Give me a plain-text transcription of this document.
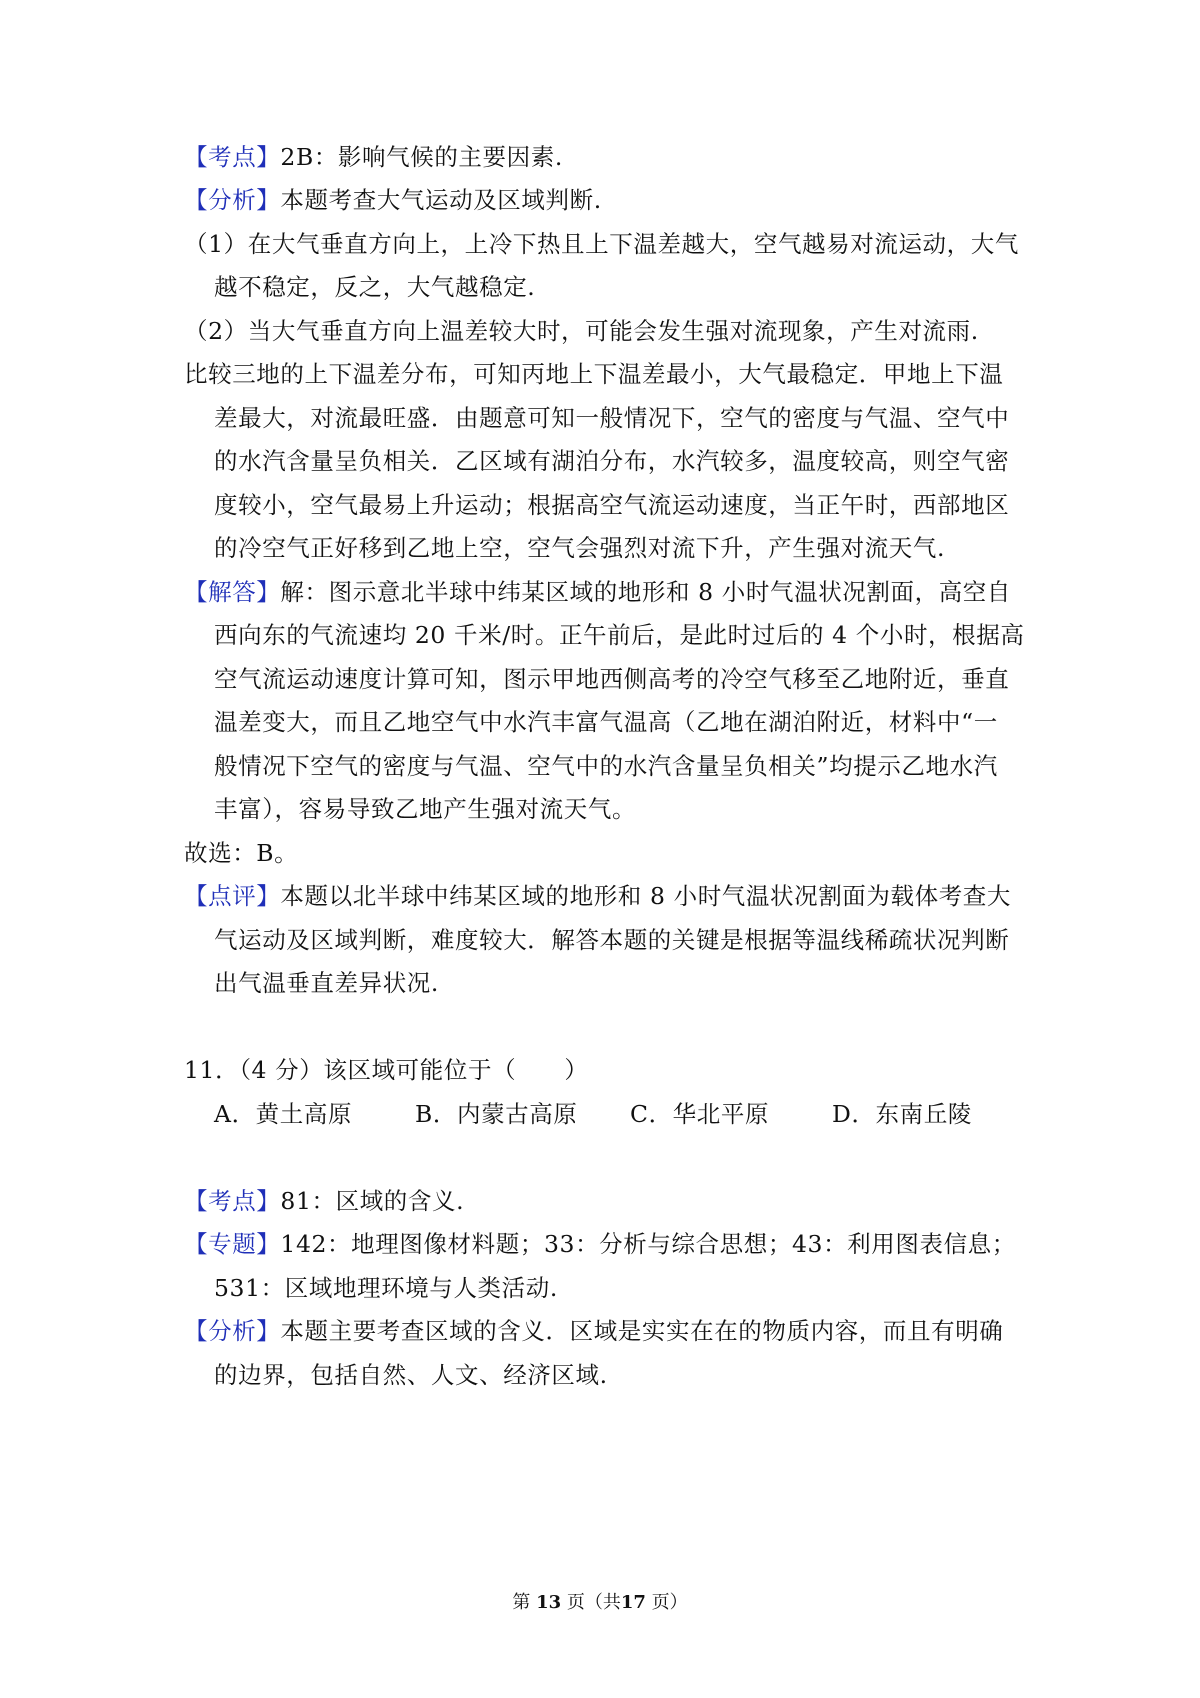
【考点】2B：影响气候的主要因素.
【分析】本题考查大气运动及区域判断.
（1）在大气垂直方向上，上冷下热且上下温差越大，空气越易对流运动，大气
越不稳定，反之，大气越稳定.
（2）当大气垂直方向上温差较大时，可能会发生强对流现象，产生对流雨.
比较三地的上下温差分布，可知丙地上下温差最小，大气最稳定．甲地上下温
差最大，对流最旺盛．由题意可知一般情况下，空气的密度与气温、空气中
的水汽含量呈负相关．乙区域有湖泊分布，水汽较多，温度较高，则空气密
度较小，空气最易上升运动；根据高空气流运动速度，当正午时，西部地区
的冷空气正好移到乙地上空，空气会强烈对流下升，产生强对流天气.
【解答】解：图示意北半球中纬某区域的地形和 8 小时气温状况割面，高空自
西向东的气流速均 20 千米/时。正午前后，是此时过后的 4 个小时，根据高
空气流运动速度计算可知，图示甲地西侧高考的冷空气移至乙地附近，垂直
温差变大，而且乙地空气中水汽丰富气温高（乙地在湖泊附近，材料中“一
般情况下空气的密度与气温、空气中的水汽含量呈负相关”均提示乙地水汽
丰富），容易导致乙地产生强对流天气。
故选：B。
【点评】本题以北半球中纬某区域的地形和 8 小时气温状况割面为载体考查大
气运动及区域判断，难度较大．解答本题的关键是根据等温线稀疏状况判断
出气温垂直差异状况.
11．（4 分）该区域可能位于（　　）
A．黄土高原	B．内蒙古高原 C．华北平原	D．东南丘陵
【考点】81：区域的含义.
【专题】142：地理图像材料题；33：分析与综合思想；43：利用图表信息；
531：区域地理环境与人类活动.
【分析】本题主要考查区域的含义．区域是实实在在的物质内容，而且有明确
的边界，包括自然、人文、经济区域.
第 13 页（共17 页）
